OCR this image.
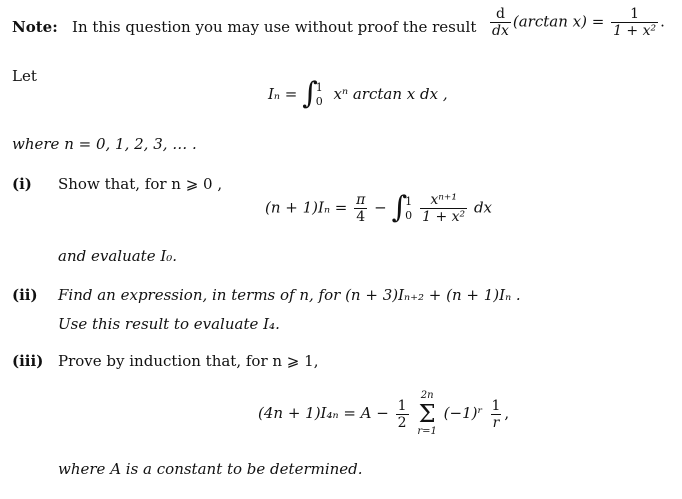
Note: In this question you may use without proof the result $\frac{d}{dx} (\arctan$ $x) = \frac{1}{\text{1 + x²}}$ .
Let
Iₙ = ∫
1
0 xⁿ arctan x dx ,
where n = 0, 1, 2, 3, … .
(i) Show that, for n ⩾ 0 ,
$(n + 1)I_n = \frac{\pi}{4}$ − ∫
1
$0 \frac{\text{xⁿ⁺¹}}{\text{1 + x²}}$ dx
and evaluate I₀.
(ii) Find an expression, in terms of n, for (n + 3)Iₙ₊₂ + (n + 1)Iₙ .
Use this result to evaluate I₄.
(iii) Prove by induction that, for n ⩾ 1,
$(4n + 1)I_{4n} = A - \frac{1}{2}$

2n
Σ
r=1
(−1)ʳ $\frac{1}{r}$ ,
where A is a constant to be determined.
